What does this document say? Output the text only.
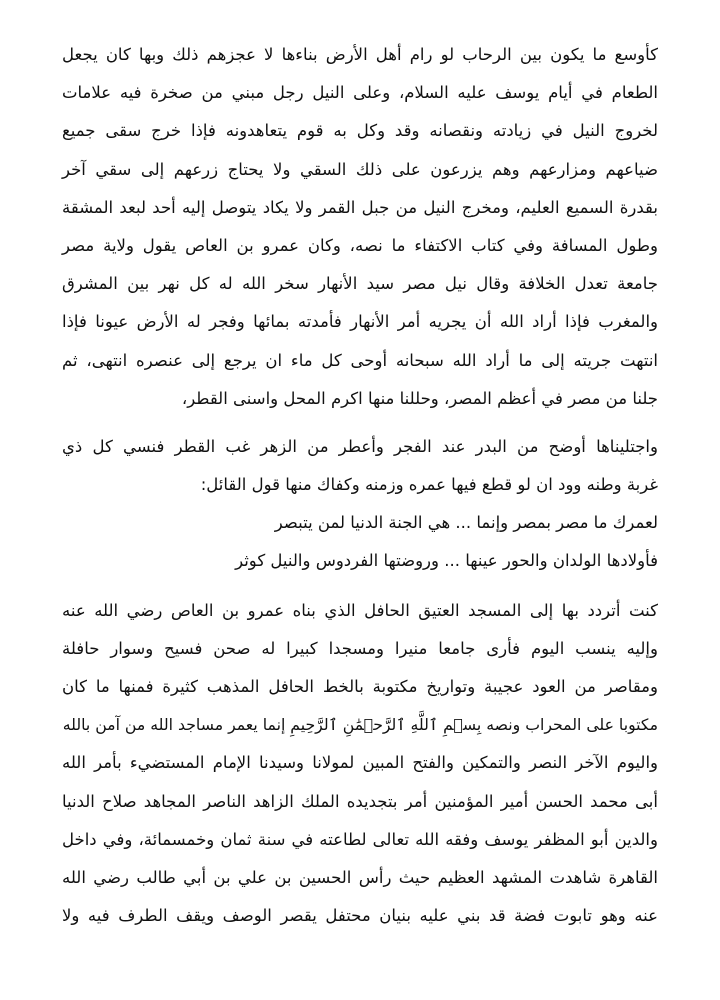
كأوسع ما يكون بين الرحاب لو رام أهل الأرض بناءها لا عجزهم ذلك وبها كان يجعل
الطعام في أيام يوسف عليه السلام، وعلى النيل رجل مبني من صخرة فيه علامات
لخروج النيل في زيادته ونقصانه وقد وكل به قوم يتعاهدونه فإذا خرج سقى جميع
ضياعهم ومزارعهم وهم يزرعون على ذلك السقي ولا يحتاج زرعهم إلى سقي آخر
بقدرة السميع العليم، ومخرج النيل من جبل القمر ولا يكاد يتوصل إليه أحد لبعد المشقة
وطول المسافة وفي كتاب الاكتفاء ما نصه، وكان عمرو بن العاص يقول ولاية مصر
جامعة تعدل الخلافة وقال نيل مصر سيد الأنهار سخر الله له كل نهر بين المشرق
والمغرب فإذا أراد الله أن يجريه أمر الأنهار فأمدته بمائها وفجر له الأرض عيونا فإذا
انتهت جريته إلى ما أراد الله سبحانه أوحى كل ماء ان يرجع إلى عنصره انتهى، ثم
جلنا من مصر في أعظم المصر، وحللنا منها اكرم المحل واسنى القطر،
واجتليناها أوضح من البدر عند الفجر وأعطر من الزهر غب القطر فنسي كل ذي
غربة وطنه وود ان لو قطع فيها عمره وزمنه وكفاك منها قول القائل:
لعمرك ما مصر بمصر وإنما ... هي الجنة الدنيا لمن يتبصر
فأولادها الولدان والحور عينها ... وروضتها الفردوس والنيل كوثر
كنت أتردد بها إلى المسجد العتيق الحافل الذي بناه عمرو بن العاص رضي الله عنه
وإليه ينسب اليوم فأرى جامعا منيرا ومسجدا كبيرا له صحن فسيح وسوار حافلة
ومقاصر من العود عجيبة وتواريخ مكتوبة بالخط الحافل المذهب كثيرة فمنها ما كان
مكتوبا على المحراب ونصه بِسۡمِ ٱللَّهِ ٱلرَّحۡمَٰنِ ٱلرَّحِيمِ إنما يعمر مساجد الله من آمن بالله
واليوم الآخر النصر والتمكين والفتح المبين لمولانا وسيدنا الإمام المستضيء بأمر الله
أبى محمد الحسن أمير المؤمنين أمر بتجديده الملك الزاهد الناصر المجاهد صلاح الدنيا
والدين أبو المظفر يوسف وفقه الله تعالى لطاعته في سنة ثمان وخمسمائة، وفي داخل
القاهرة شاهدت المشهد العظيم حيث رأس الحسين بن علي بن أبي طالب رضي الله
عنه وهو تابوت فضة قد بني عليه بنيان محتفل يقصر الوصف ويقف الطرف فيه ولا
